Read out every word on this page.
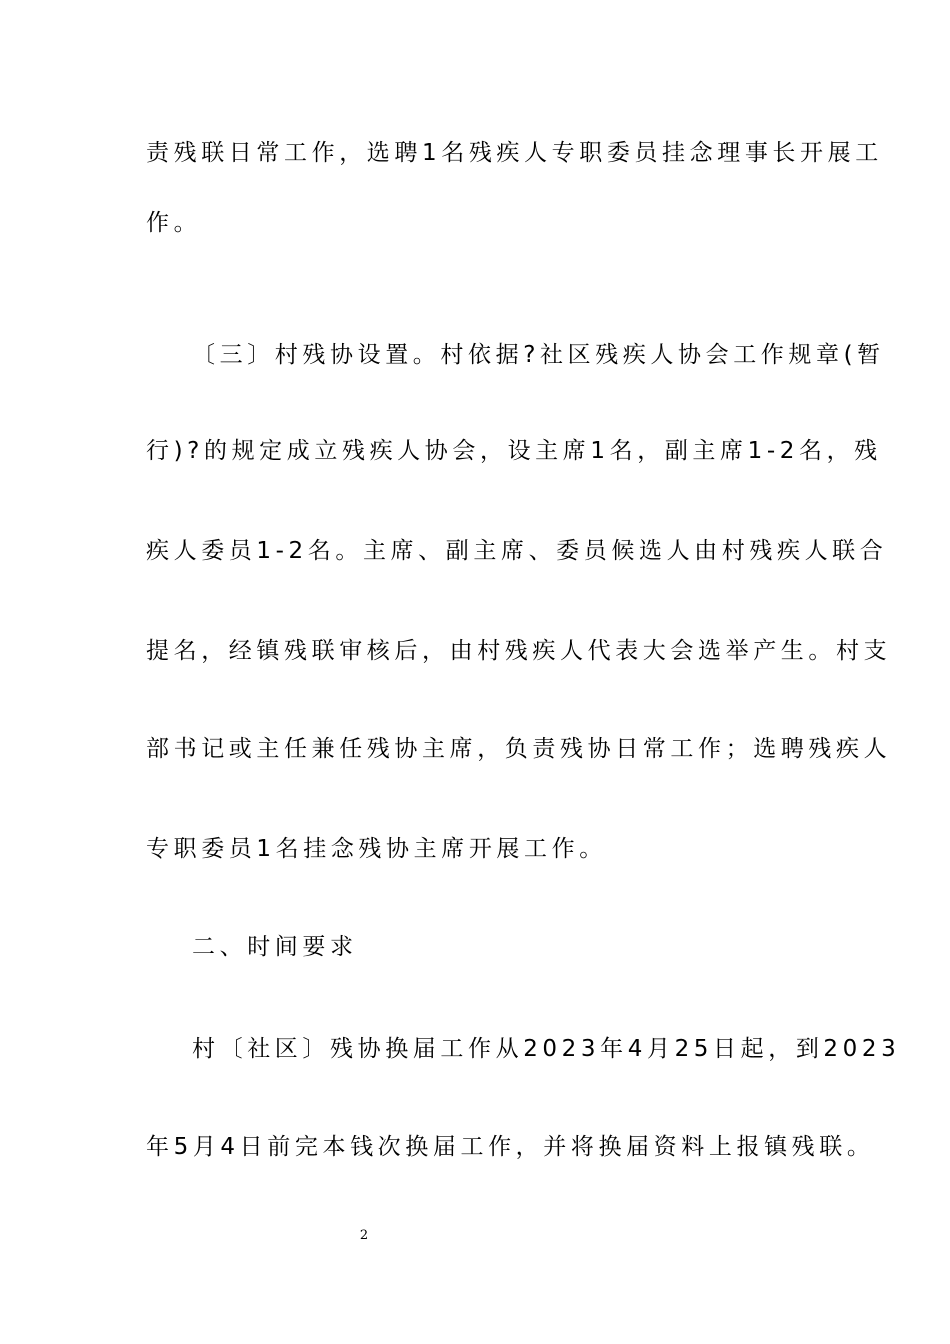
责残联日常工作，选聘1名残疾人专职委员挂念理事长开展工
作。
〔三〕村残协设置。村依据?社区残疾人协会工作规章(暂
行)?的规定成立残疾人协会，设主席1名，副主席1-2名，残
疾人委员1-2名。主席、副主席、委员候选人由村残疾人联合
提名，经镇残联审核后，由村残疾人代表大会选举产生。村支
部书记或主任兼任残协主席，负责残协日常工作；选聘残疾人
专职委员1名挂念残协主席开展工作。
二、时间要求
村〔社区〕残协换届工作从2023年4月25日起，到2023
年5月4日前完本钱次换届工作，并将换届资料上报镇残联。
2
